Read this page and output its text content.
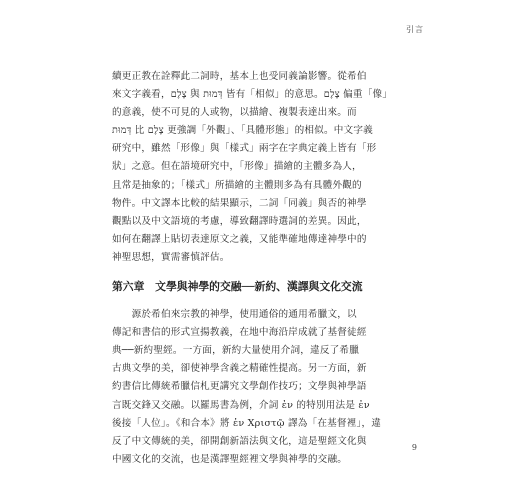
引言

續更正教在詮釋此二詞時，基本上也受同義論影響。從希伯
來文字義看，צֶלֶם 與 דְּמוּת 皆有「相似」的意思。צֶלֶם 偏重「像」
的意義，使不可見的人或物，以描繪、複製表達出來。而
דְּמוּת 比 צֶלֶם 更強調「外觀」、「具體形態」的相似。中文字義
研究中，雖然「形像」與「樣式」兩字在字典定義上皆有「形
狀」之意。但在語境研究中，「形像」描繪的主體多為人，
且常是抽象的；「樣式」所描繪的主體則多為有具體外觀的
物件。中文譯本比較的結果顯示，二詞「同義」與否的神學
觀點以及中文語境的考慮，導致翻譯時選詞的差異。因此，
如何在翻譯上貼切表達原文之義，又能準確地傳達神學中的
神聖思想，實需審慎評估。

第六章　文學與神學的交融──新約、漢譯與文化交流

　　源於希伯來宗教的神學，使用通俗的通用希臘文，以
傳記和書信的形式宣揚教義，在地中海沿岸成就了基督徒經
典──新約聖經。一方面，新約大量使用介詞，違反了希臘
古典文學的美，卻使神學含義之精確性提高。另一方面，新
約書信比傳統希臘信札更講究文學創作技巧；文學與神學語
言既交鋒又交融。以羅馬書為例，介詞 ἐν 的特別用法是 ἐν
後接「人位」。《和合本》將 ἐν Χριστῷ 譯為「在基督裡」，違
反了中文傳統的美，卻開創新語法與文化，這是聖經文化與
中國文化的交流，也是漢譯聖經裡文學與神學的交融。

9
